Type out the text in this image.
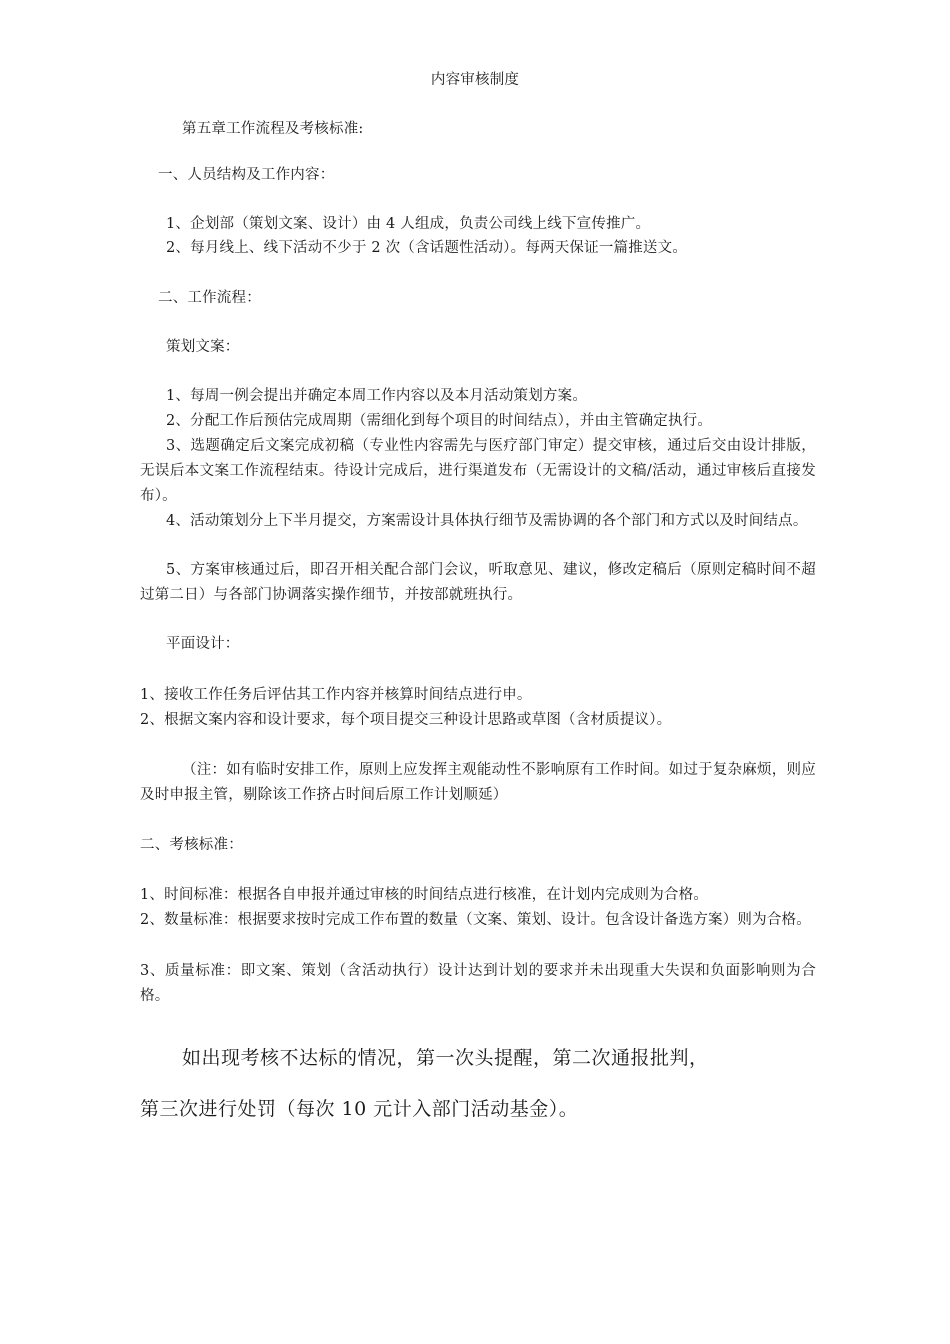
内容审核制度
第五章工作流程及考核标准:
一、人员结构及工作内容：
1、企划部（策划文案、设计）由 4 人组成，负责公司线上线下宣传推广。
2、每月线上、线下活动不少于 2 次（含话题性活动）。每两天保证一篇推送文。
二、工作流程：
策划文案：
1、每周一例会提出并确定本周工作内容以及本月活动策划方案。
2、分配工作后预估完成周期（需细化到每个项目的时间结点），并由主管确定执行。
3、选题确定后文案完成初稿（专业性内容需先与医疗部门审定）提交审核，通过后交由设计排版，无误后本文案工作流程结束。待设计完成后，进行渠道发布（无需设计的文稿/活动，通过审核后直接发布）。
4、活动策划分上下半月提交，方案需设计具体执行细节及需协调的各个部门和方式以及时间结点。
5、方案审核通过后，即召开相关配合部门会议，听取意见、建议，修改定稿后（原则定稿时间不超过第二日）与各部门协调落实操作细节，并按部就班执行。
平面设计：
1、接收工作任务后评估其工作内容并核算时间结点进行申。
2、根据文案内容和设计要求，每个项目提交三种设计思路或草图（含材质提议）。
（注：如有临时安排工作，原则上应发挥主观能动性不影响原有工作时间。如过于复杂麻烦，则应及时申报主管，剔除该工作挤占时间后原工作计划顺延）
二、考核标准：
1、时间标准：根据各自申报并通过审核的时间结点进行核准，在计划内完成则为合格。
2、数量标准：根据要求按时完成工作布置的数量（文案、策划、设计。包含设计备选方案）则为合格。
3、质量标准：即文案、策划（含活动执行）设计达到计划的要求并未出现重大失误和负面影响则为合格。
如出现考核不达标的情况，第一次头提醒，第二次通报批判，
第三次进行处罚（每次 10 元计入部门活动基金）。
